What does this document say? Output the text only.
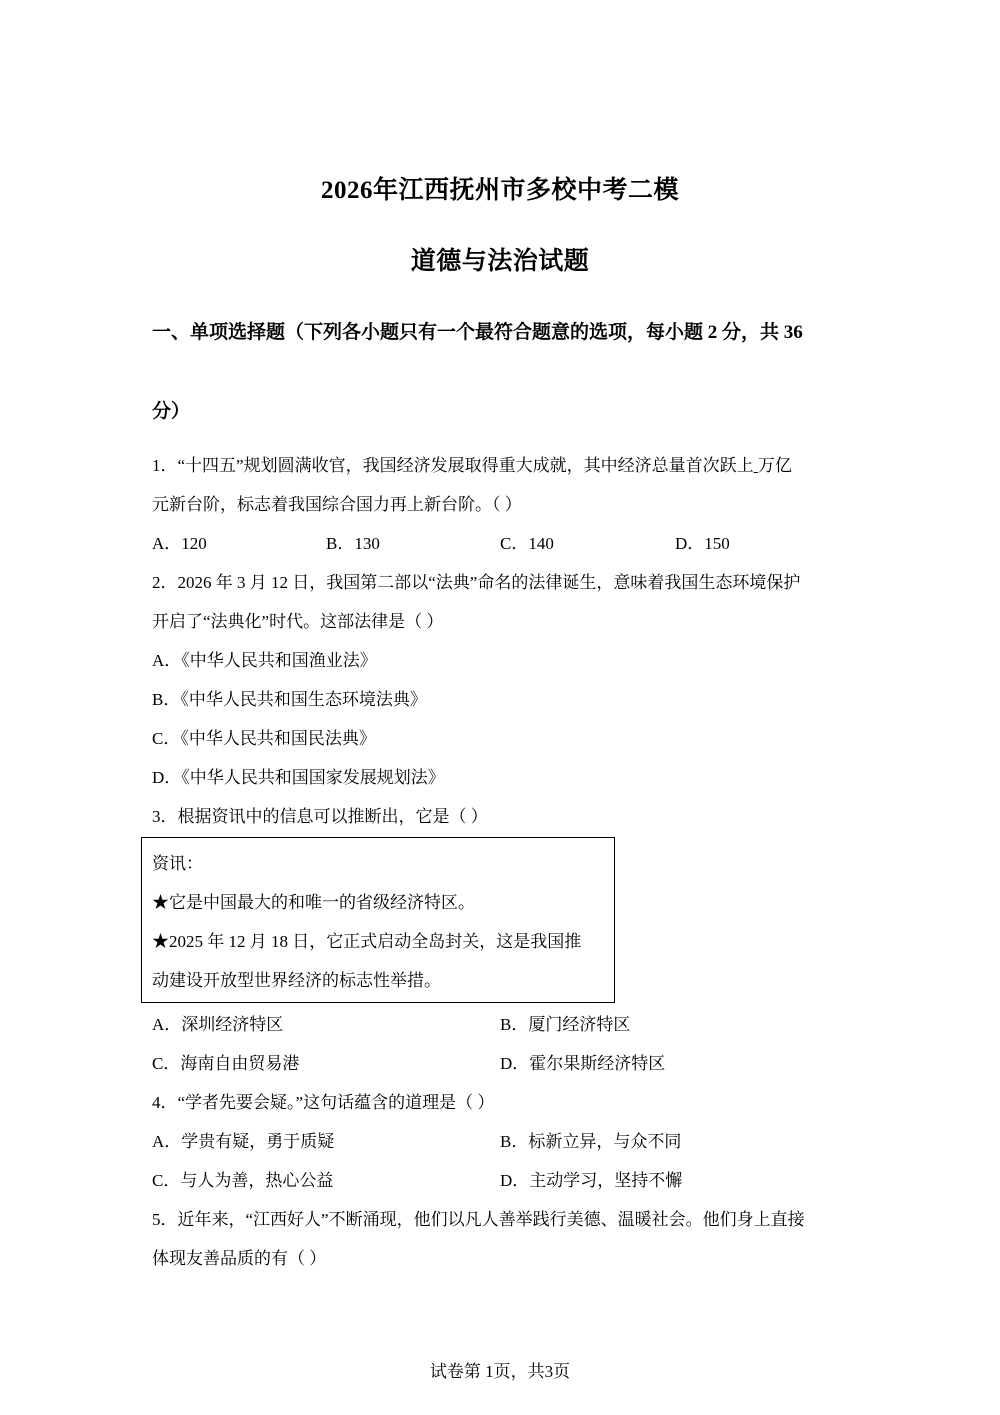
2026年江西抚州市多校中考二模
道德与法治试题
一、单项选择题（下列各小题只有一个最符合题意的选项，每小题 2 分，共 36
分）
1．“十四五”规划圆满收官，我国经济发展取得重大成就，其中经济总量首次跃上 万亿
元新台阶，标志着我国综合国力再上新台阶。（ ）
A．120	B．130	C．140	D．150
2．2026 年 3 月 12 日，我国第二部以“法典”命名的法律诞生，意味着我国生态环境保护
开启了“法典化”时代。这部法律是（ ）
A．《中华人民共和国渔业法》
B．《中华人民共和国生态环境法典》
C．《中华人民共和国民法典》
D．《中华人民共和国国家发展规划法》
3．根据资讯中的信息可以推断出，它是（ ）
资讯：
★它是中国最大的和唯一的省级经济特区。
★2025 年 12 月 18 日，它正式启动全岛封关，这是我国推
动建设开放型世界经济的标志性举措。
A．深圳经济特区	B．厦门经济特区
C．海南自由贸易港	D．霍尔果斯经济特区
4．“学者先要会疑。”这句话蕴含的道理是（ ）
A．学贵有疑，勇于质疑	B．标新立异，与众不同
C．与人为善，热心公益	D．主动学习，坚持不懈
5．近年来，“江西好人”不断涌现，他们以凡人善举践行美德、温暖社会。他们身上直接
体现友善品质的有（ ）
试卷第 1页，共3页
